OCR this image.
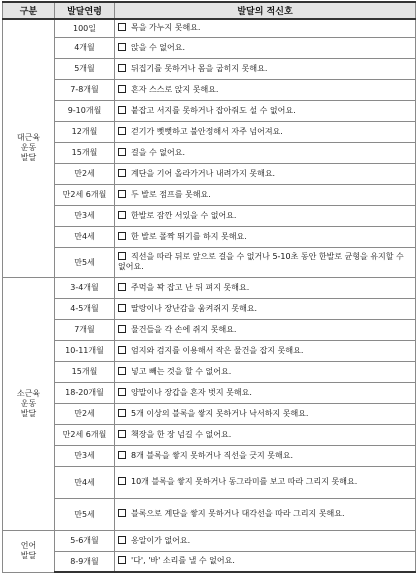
구분	발달연령	발달의 적신호
대근육
운동
발달	100일	목을 가누지 못해요.
	4개월	앉을 수 없어요.
	5개월	뒤집기를 못하거나 몸을 굽히지 못해요.
	7-8개월	혼자 스스로 앉지 못해요.
	9-10개월	붙잡고 서지를 못하거나 잡아줘도 설 수 없어요.
	12개월	걷기가 뻣뻣하고 불안정해서 자주 넘어져요.
	15개월	걸을 수 없어요.
	만2세	계단을 기어 올라가거나 내려가지 못해요.
	만2세 6개월	두 발로 점프를 못해요.
	만3세	한발로 잠깐 서있을 수 없어요.
	만4세	한 발로 폴짝 뛰기를 하지 못해요.
	만5세	직선을 따라 뒤로 앞으로 걸을 수 없거나 5-10초 동안 한발로 균형을 유지할 수 없어요.
소근육
운동
발달	3-4개월	주먹을 꽉 잡고 난 뒤 펴지 못해요.
	4-5개월	딸랑이나 장난감을 움켜쥐지 못해요.
	7개월	물건들을 각 손에 쥐지 못해요.
	10-11개월	엄지와 검지를 이용해서 작은 물건을 잡지 못해요.
	15개월	넣고 빼는 것을 할 수 없어요.
	18-20개월	양말이나 장갑을 혼자 벗지 못해요.
	만2세	5개 이상의 블록을 쌓지 못하거나 낙서하지 못해요.
	만2세 6개월	책장을 한 장 넘길 수 없어요.
	만3세	8개 블록을 쌓지 못하거나 직선을 긋지 못해요.
	만4세	10개 블록을 쌓지 못하거나 동그라미를 보고 따라 그리지 못해요.
	만5세	블록으로 계단을 쌓지 못하거나 대각선을 따라 그리지 못해요.
언어
발달	5-6개월	옹알이가 없어요.
	8-9개월	'다', '바' 소리를 낼 수 없어요.
